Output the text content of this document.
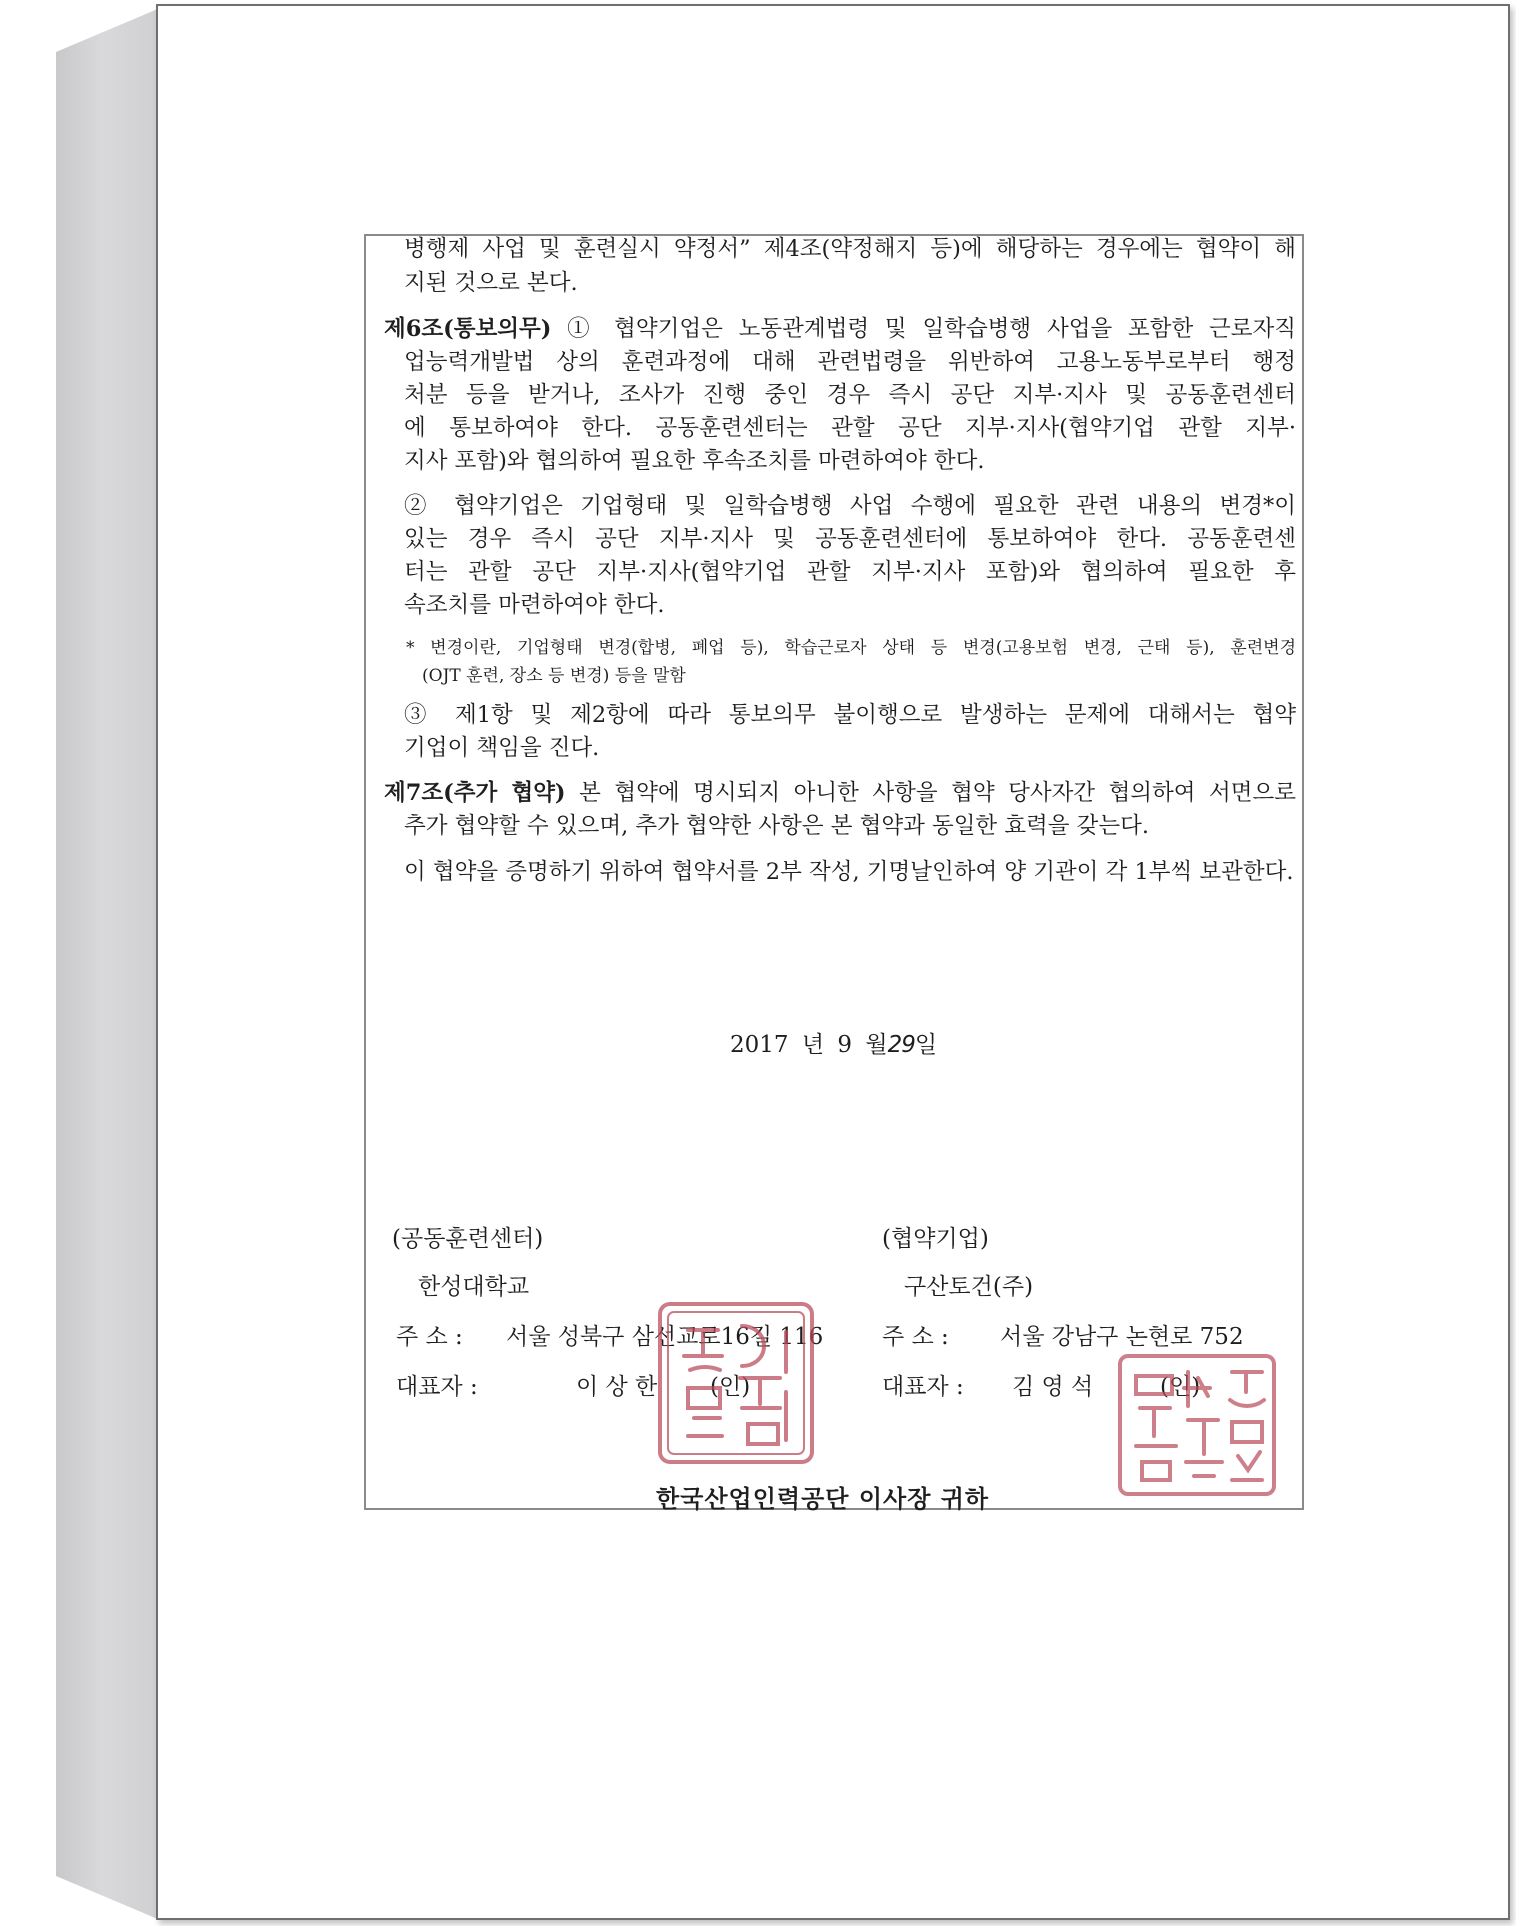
병행제 사업 및 훈련실시 약정서” 제4조(약정해지 등)에 해당하는 경우에는 협약이 해
지된 것으로 본다.
제6조(통보의무) ① 협약기업은 노동관계법령 및 일학습병행 사업을 포함한 근로자직
업능력개발법 상의 훈련과정에 대해 관련법령을 위반하여 고용노동부로부터 행정
처분 등을 받거나, 조사가 진행 중인 경우 즉시 공단 지부·지사 및 공동훈련센터
에 통보하여야 한다. 공동훈련센터는 관할 공단 지부·지사(협약기업 관할 지부·
지사 포함)와 협의하여 필요한 후속조치를 마련하여야 한다.
② 협약기업은 기업형태 및 일학습병행 사업 수행에 필요한 관련 내용의 변경*이
있는 경우 즉시 공단 지부·지사 및 공동훈련센터에 통보하여야 한다. 공동훈련센
터는 관할 공단 지부·지사(협약기업 관할 지부·지사 포함)와 협의하여 필요한 후
속조치를 마련하여야 한다.
* 변경이란, 기업형태 변경(합병, 폐업 등), 학습근로자 상태 등 변경(고용보험 변경, 근태 등), 훈련변경
(OJT 훈련, 장소 등 변경) 등을 말함
③ 제1항 및 제2항에 따라 통보의무 불이행으로 발생하는 문제에 대해서는 협약
기업이 책임을 진다.
제7조(추가 협약) 본 협약에 명시되지 아니한 사항을 협약 당사자간 협의하여 서면으로
추가 협약할 수 있으며, 추가 협약한 사항은 본 협약과 동일한 효력을 갖는다.
이 협약을 증명하기 위하여 협약서를 2부 작성, 기명날인하여 양 기관이 각 1부씩 보관한다.
2017 년 9 월29일
(공동훈련센터)
한성대학교
주 소 : 서울 성북구 삼선교로16길 116
대표자 :	이 상 한 (인)
(협약기업)
구산토건(주)
주 소 : 서울 강남구 논현로 752
대표자 : 김 영 석	(인)
한국산업인력공단 이사장 귀하
